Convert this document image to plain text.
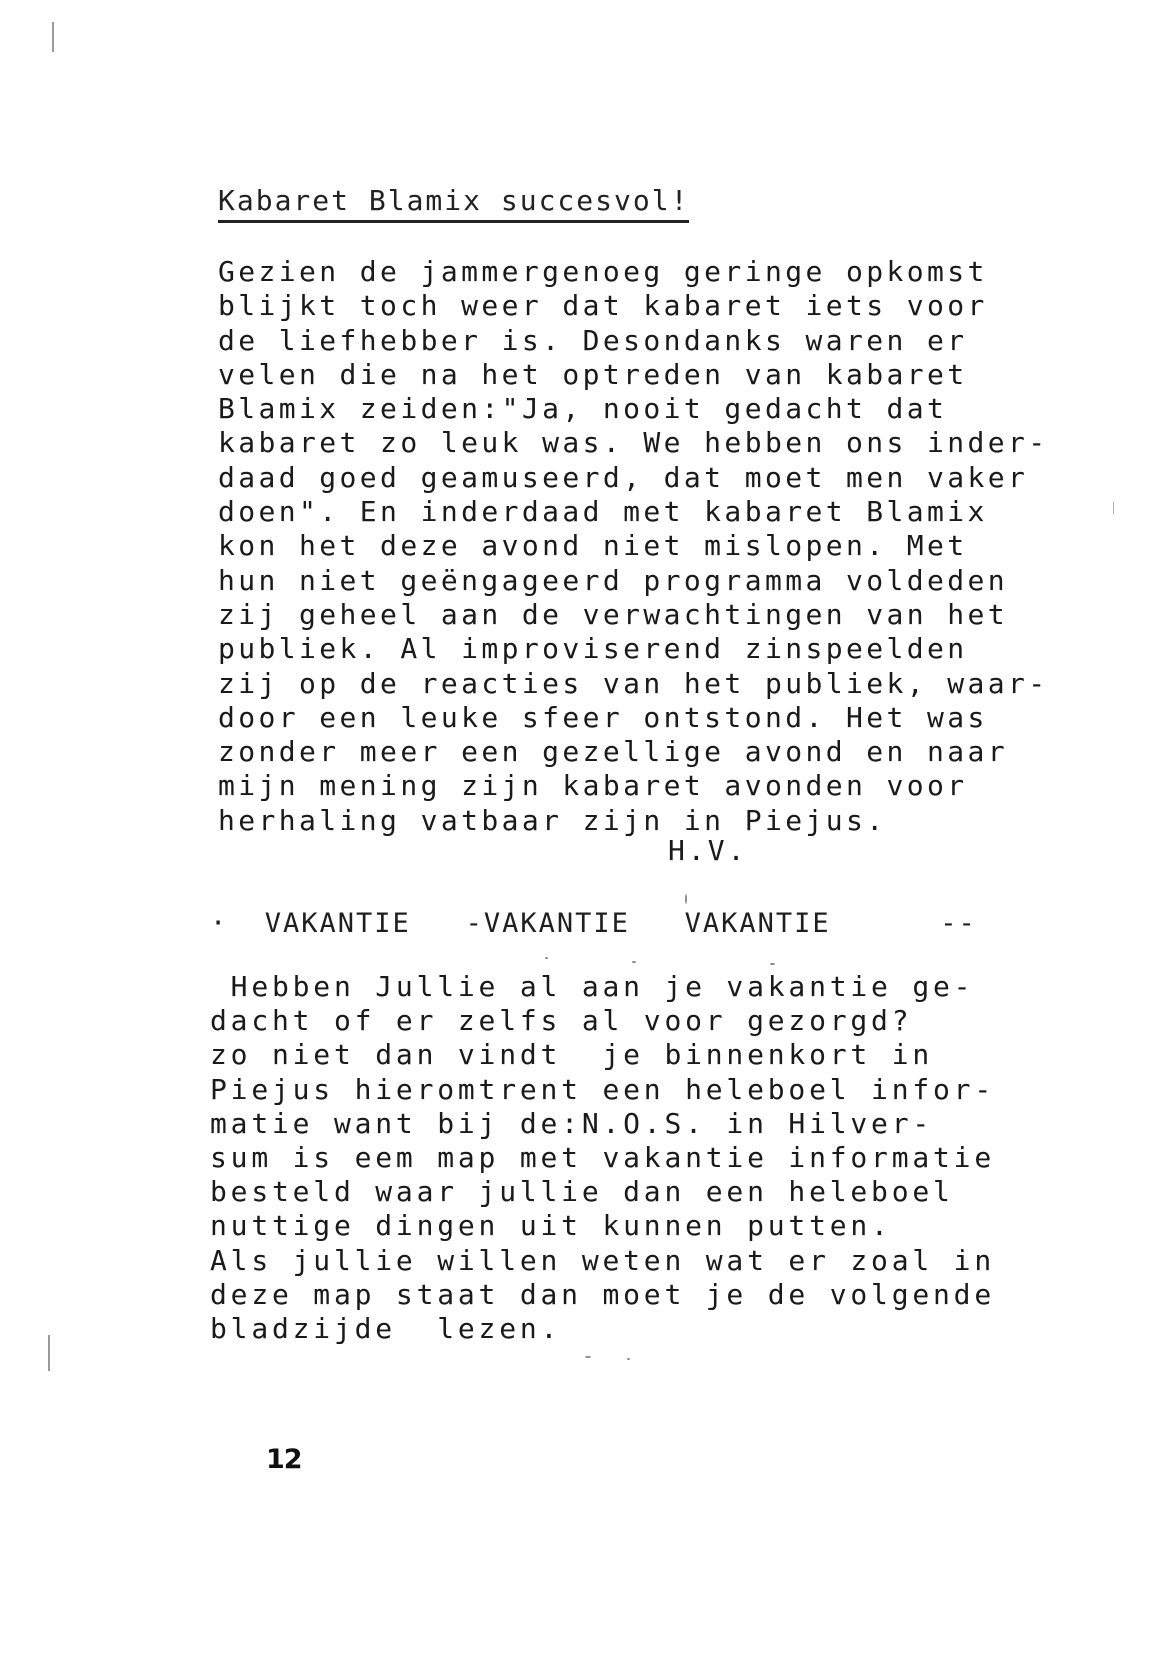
Kabaret Blamix succesvol!
Gezien de jammergenoeg geringe opkomst
blijkt toch weer dat kabaret iets voor
de liefhebber is. Desondanks waren er
velen die na het optreden van kabaret
Blamix zeiden:"Ja, nooit gedacht dat
kabaret zo leuk was. We hebben ons inder-
daad goed geamuseerd, dat moet men vaker
doen". En inderdaad met kabaret Blamix
kon het deze avond niet mislopen. Met
hun niet geëngageerd programma voldeden
zij geheel aan de verwachtingen van het
publiek. Al improviserend zinspeelden
zij op de reacties van het publiek, waar-
door een leuke sfeer ontstond. Het was
zonder meer een gezellige avond en naar
mijn mening zijn kabaret avonden voor
herhaling vatbaar zijn in Piejus.
H.V.
·  VAKANTIE   -VAKANTIE   VAKANTIE      --
Hebben Jullie al aan je vakantie ge-
dacht of er zelfs al voor gezorgd?
zo niet dan vindt  je binnenkort in
Piejus hieromtrent een heleboel infor-
matie want bij de:N.O.S. in Hilver-
sum is eem map met vakantie informatie
besteld waar jullie dan een heleboel
nuttige dingen uit kunnen putten.
Als jullie willen weten wat er zoal in
deze map staat dan moet je de volgende
bladzijde  lezen.
12
